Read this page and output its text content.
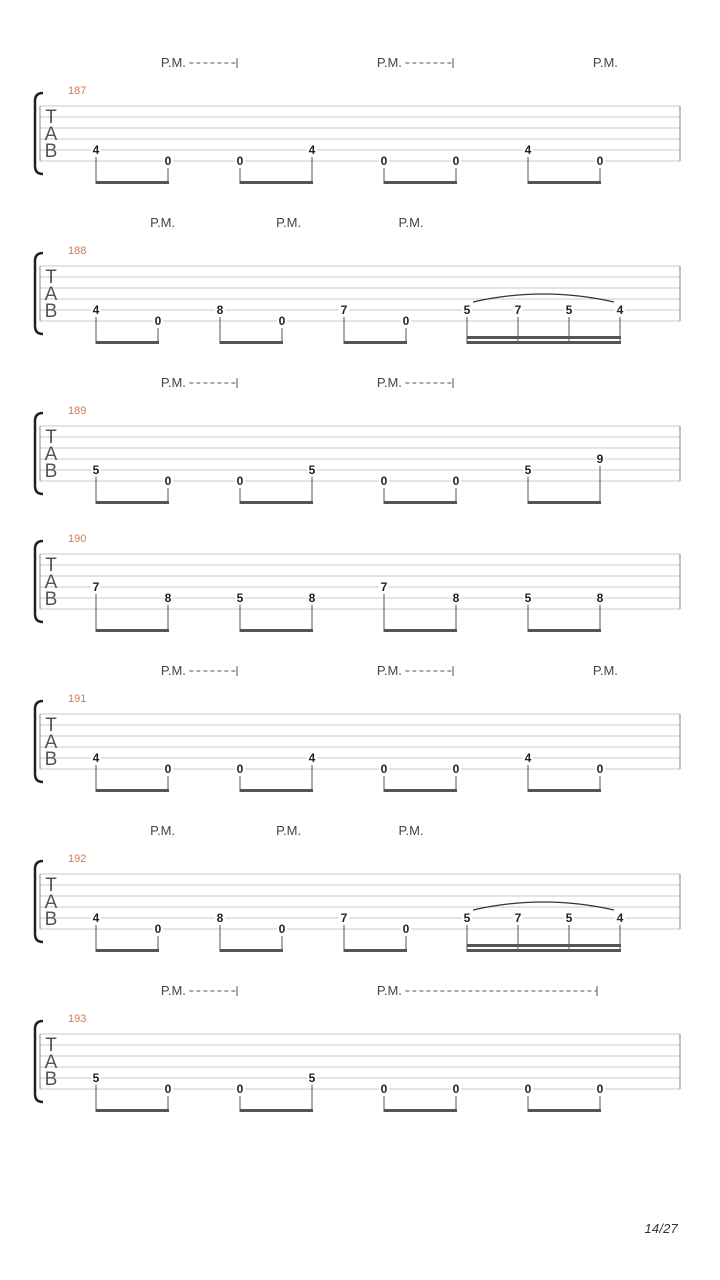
P.M.	P.M.	P.M.
187
T
A
B	4
0	0
4
0	0
4
0
P.M.	P.M.	P.M.
188
T
A
B	4
0
8
0
7
0
5	7	5	4
P.M.	P.M.
189
T
A
B	5
0	0
5
0	0
5
9
190
T
A
B
7
8	5	8
7
8	5	8
P.M.	P.M.	P.M.
191
T
A
B	4
0	0
4
0	0
4
0
P.M.	P.M.	P.M.
192
T
A
B	4
0
8
0
7
0
5	7	5	4
P.M.	P.M.
193
T
A
B	5
0	0
5
0	0	0	0
14/27
